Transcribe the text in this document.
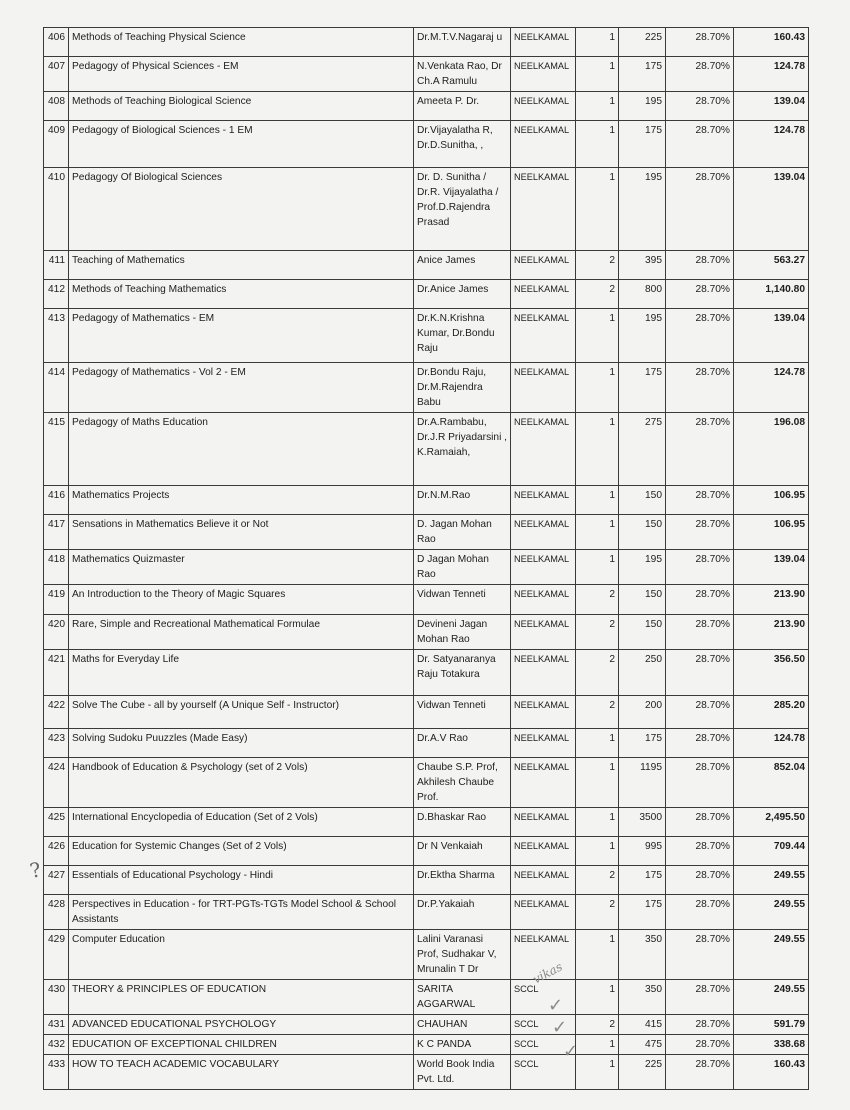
406	Methods of Teaching Physical Science	Dr.M.T.V.Nagaraj u	NEELKAMAL	1	225	28.70%	160.43
407	Pedagogy of Physical Sciences - EM	N.Venkata Rao, Dr Ch.A Ramulu	NEELKAMAL	1	175	28.70%	124.78
408	Methods of Teaching Biological Science	Ameeta P. Dr.	NEELKAMAL	1	195	28.70%	139.04
409	Pedagogy of Biological Sciences - 1 EM	Dr.Vijayalatha R, Dr.D.Sunitha, ,	NEELKAMAL	1	175	28.70%	124.78
410	Pedagogy Of Biological Sciences	Dr. D. Sunitha / Dr.R. Vijayalatha / Prof.D.Rajendra Prasad	NEELKAMAL	1	195	28.70%	139.04
411	Teaching of Mathematics	Anice James	NEELKAMAL	2	395	28.70%	563.27
412	Methods of Teaching Mathematics	Dr.Anice James	NEELKAMAL	2	800	28.70%	1,140.80
413	Pedagogy of Mathematics - EM	Dr.K.N.Krishna Kumar, Dr.Bondu Raju	NEELKAMAL	1	195	28.70%	139.04
414	Pedagogy of Mathematics - Vol 2 - EM	Dr.Bondu Raju, Dr.M.Rajendra Babu	NEELKAMAL	1	175	28.70%	124.78
415	Pedagogy of Maths Education	Dr.A.Rambabu, Dr.J.R Priyadarsini , K.Ramaiah,	NEELKAMAL	1	275	28.70%	196.08
416	Mathematics Projects	Dr.N.M.Rao	NEELKAMAL	1	150	28.70%	106.95
417	Sensations in Mathematics Believe it or Not	D. Jagan Mohan Rao	NEELKAMAL	1	150	28.70%	106.95
418	Mathematics Quizmaster	D Jagan Mohan Rao	NEELKAMAL	1	195	28.70%	139.04
419	An Introduction to the Theory of Magic Squares	Vidwan Tenneti	NEELKAMAL	2	150	28.70%	213.90
420	Rare, Simple and Recreational Mathematical Formulae	Devineni Jagan Mohan Rao	NEELKAMAL	2	150	28.70%	213.90
421	Maths for Everyday Life	Dr. Satyanaranya Raju Totakura	NEELKAMAL	2	250	28.70%	356.50
422	Solve The Cube - all by yourself (A Unique Self - Instructor)	Vidwan Tenneti	NEELKAMAL	2	200	28.70%	285.20
423	Solving Sudoku Puuzzles (Made Easy)	Dr.A.V Rao	NEELKAMAL	1	175	28.70%	124.78
424	Handbook of Education & Psychology (set of 2 Vols)	Chaube S.P. Prof, Akhilesh Chaube Prof.	NEELKAMAL	1	1195	28.70%	852.04
425	International Encyclopedia of Education (Set of 2 Vols)	D.Bhaskar Rao	NEELKAMAL	1	3500	28.70%	2,495.50
426	Education for Systemic Changes (Set of 2 Vols)	Dr N Venkaiah	NEELKAMAL	1	995	28.70%	709.44
427	Essentials of Educational Psychology - Hindi	Dr.Ektha Sharma	NEELKAMAL	2	175	28.70%	249.55
428	Perspectives in Education - for TRT-PGTs-TGTs Model School & School Assistants	Dr.P.Yakaiah	NEELKAMAL	2	175	28.70%	249.55
429	Computer Education	Lalini Varanasi Prof, Sudhakar V, Mrunalin T Dr	NEELKAMAL	1	350	28.70%	249.55
430	THEORY & PRINCIPLES OF EDUCATION	SARITA AGGARWAL	SCCL	1	350	28.70%	249.55
431	ADVANCED EDUCATIONAL PSYCHOLOGY	CHAUHAN	SCCL	2	415	28.70%	591.79
432	EDUCATION OF EXCEPTIONAL CHILDREN	K C PANDA	SCCL	1	475	28.70%	338.68
433	HOW TO TEACH ACADEMIC VOCABULARY	World Book India Pvt. Ltd.	SCCL	1	225	28.70%	160.43
?
vikas
✓
✓
✓
